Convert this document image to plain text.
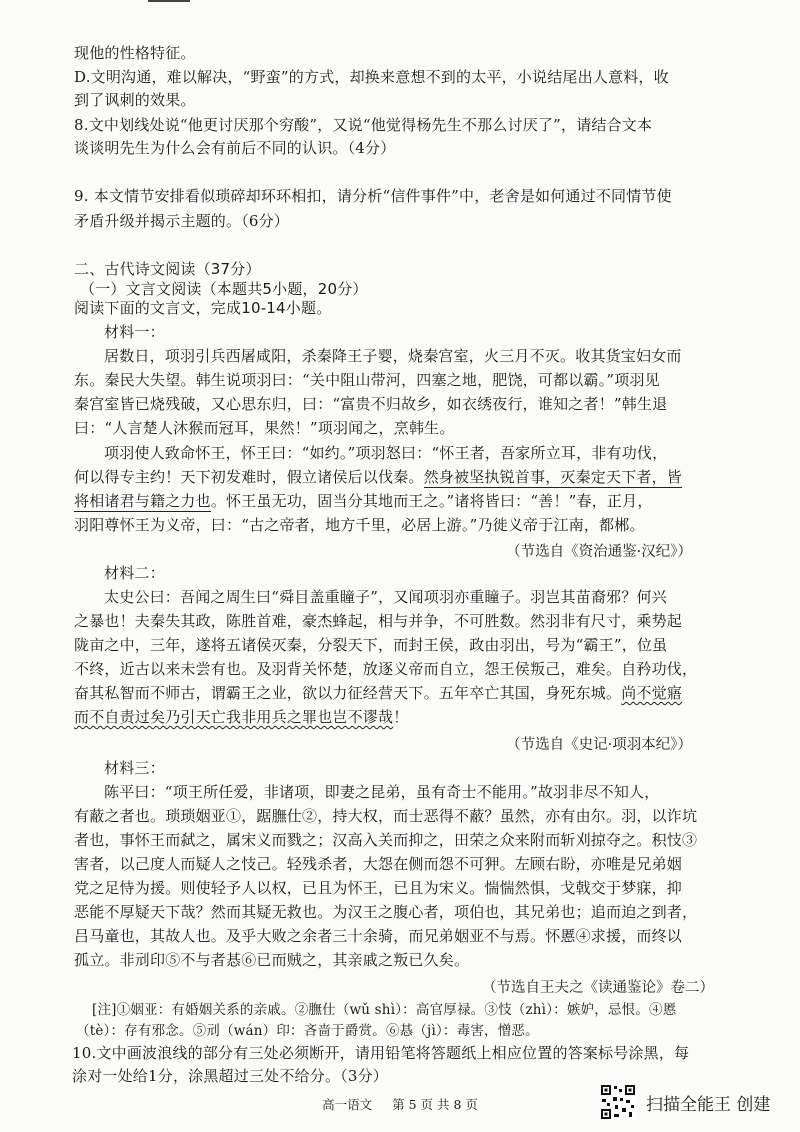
现他的性格特征。
D.文明沟通，难以解决，“野蛮”的方式，却换来意想不到的太平，小说结尾出人意料，收
到了讽刺的效果。
8.文中划线处说“他更讨厌那个穷酸”，又说“他觉得杨先生不那么讨厌了”，请结合文本
谈谈明先生为什么会有前后不同的认识。（4分）
9. 本文情节安排看似琐碎却环环相扣，请分析“信件事件”中，老舍是如何通过不同情节使
矛盾升级并揭示主题的。（6分）
二、古代诗文阅读（37分）
（一）文言文阅读（本题共5小题，20分）
阅读下面的文言文，完成10-14小题。
材料一：
居数日，项羽引兵西屠咸阳，杀秦降王子婴，烧秦宫室，火三月不灭。收其货宝妇女而
东。秦民大失望。韩生说项羽曰：“关中阻山带河，四塞之地，肥饶，可都以霸。”项羽见
秦宫室皆已烧残破，又心思东归，曰：“富贵不归故乡，如衣绣夜行，谁知之者！”韩生退
曰：“人言楚人沐猴而冠耳，果然！”项羽闻之，烹韩生。
项羽使人致命怀王，怀王曰：“如约。”项羽怒曰：“怀王者，吾家所立耳，非有功伐，
何以得专主约！天下初发难时，假立诸侯后以伐秦。然身被坚执锐首事，灭秦定天下者，皆
将相诸君与籍之力也。怀王虽无功，固当分其地而王之。”诸将皆曰：“善！”春，正月，
羽阳尊怀王为义帝，曰：“古之帝者，地方千里，必居上游。”乃徙义帝于江南，都郴。
（节选自《资治通鉴·汉纪》）
材料二：
太史公曰：吾闻之周生曰“舜目盖重瞳子”，又闻项羽亦重瞳子。羽岂其苗裔邪？何兴
之暴也！夫秦失其政，陈胜首难，豪杰蜂起，相与并争，不可胜数。然羽非有尺寸，乘势起
陇亩之中，三年，遂将五诸侯灭秦，分裂天下，而封王侯，政由羽出，号为“霸王”，位虽
不终，近古以来未尝有也。及羽背关怀楚，放逐义帝而自立，怨王侯叛己，难矣。自矜功伐，
奋其私智而不师古，谓霸王之业，欲以力征经营天下。五年卒亡其国，身死东城。尚不觉寤
而不自责过矣乃引天亡我非用兵之罪也岂不谬哉！
（节选自《史记·项羽本纪》）
材料三：
陈平曰：“项王所任爱，非诸项，即妻之昆弟，虽有奇士不能用。”故羽非尽不知人，
有蔽之者也。琐琐姻亚①，踞膴仕②，持大权，而士恶得不蔽？虽然，亦有由尔。羽，以诈坑
者也，事怀王而弑之，属宋义而戮之；汉高入关而抑之，田荣之众来附而斩刈掠夺之。积忮③
害者，以己度人而疑人之忮己。轻残杀者，大怨在侧而怨不可狎。左顾右盼，亦唯是兄弟姻
党之足恃为援。则使轻予人以权，已且为怀王，已且为宋义。惴惴然惧，戈戟交于梦寐，抑
恶能不厚疑天下哉？然而其疑无救也。为汉王之腹心者，项伯也，其兄弟也；追而迫之到者，
吕马童也，其故人也。及乎大败之余者三十余骑，而兄弟姻亚不与焉。怀慝④求援，而终以
孤立。非刓印⑤不与者惎⑥已而贼之，其亲戚之叛已久矣。
（节选自王夫之《读通鉴论》卷二）
[注]①姻亚：有婚姻关系的亲戚。②膴仕（wǔ shì）：高官厚禄。③忮（zhì）：嫉妒，忌恨。④慝
（tè）：存有邪念。⑤刓（wán）印：吝啬于爵赏。⑥惎（jì）：毒害，憎恶。
10.文中画波浪线的部分有三处必须断开，请用铅笔将答题纸上相应位置的答案标号涂黑，每
涂对一处给1分，涂黑超过三处不给分。（3分）
高一语文 第 5 页 共 8 页	扫描全能王 创建
